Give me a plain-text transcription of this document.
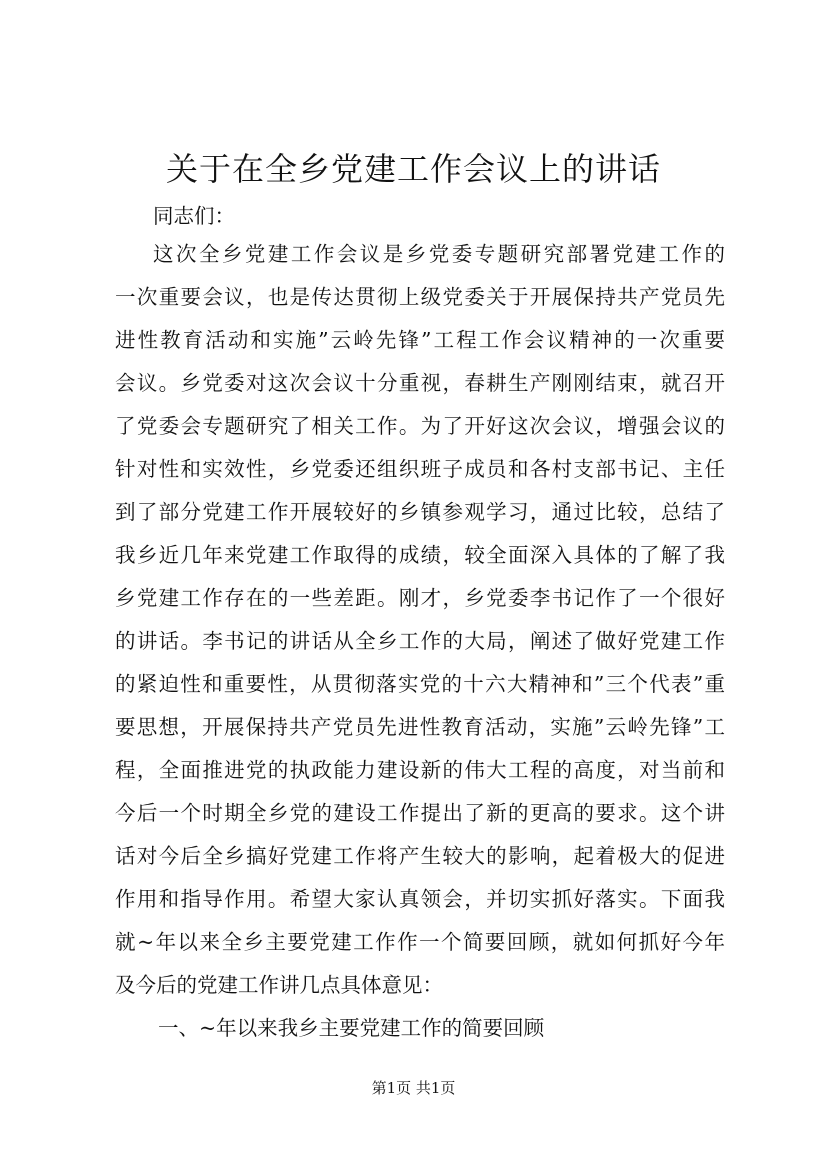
关于在全乡党建工作会议上的讲话
同志们：
这次全乡党建工作会议是乡党委专题研究部署党建工作的
一次重要会议，也是传达贯彻上级党委关于开展保持共产党员先
进性教育活动和实施”云岭先锋”工程工作会议精神的一次重要
会议。乡党委对这次会议十分重视，春耕生产刚刚结束，就召开
了党委会专题研究了相关工作。为了开好这次会议，增强会议的
针对性和实效性，乡党委还组织班子成员和各村支部书记、主任
到了部分党建工作开展较好的乡镇参观学习，通过比较，总结了
我乡近几年来党建工作取得的成绩，较全面深入具体的了解了我
乡党建工作存在的一些差距。刚才，乡党委李书记作了一个很好
的讲话。李书记的讲话从全乡工作的大局，阐述了做好党建工作
的紧迫性和重要性，从贯彻落实党的十六大精神和”三个代表”重
要思想，开展保持共产党员先进性教育活动，实施”云岭先锋”工
程，全面推进党的执政能力建设新的伟大工程的高度，对当前和
今后一个时期全乡党的建设工作提出了新的更高的要求。这个讲
话对今后全乡搞好党建工作将产生较大的影响，起着极大的促进
作用和指导作用。希望大家认真领会，并切实抓好落实。下面我
就~年以来全乡主要党建工作作一个简要回顾，就如何抓好今年
及今后的党建工作讲几点具体意见：
一、~年以来我乡主要党建工作的简要回顾
第1页 共1页
